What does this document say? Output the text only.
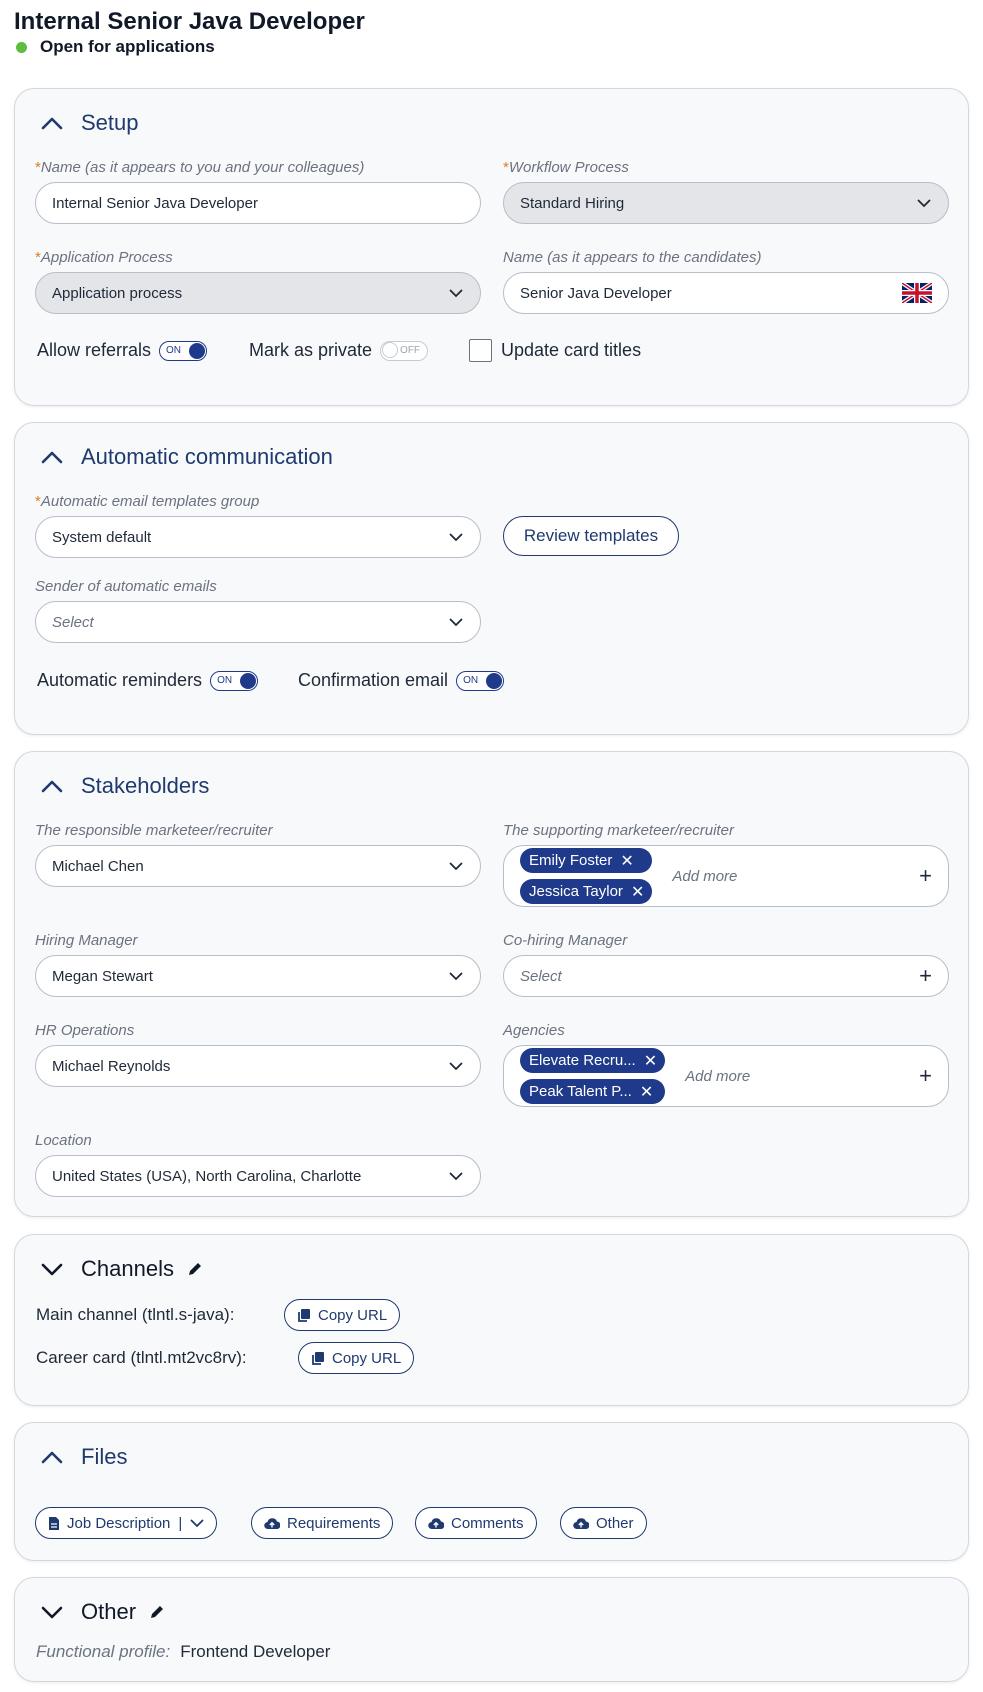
Internal Senior Java Developer
Open for applications
Setup
*Name (as it appears to you and your colleagues)
Internal Senior Java Developer
*Workflow Process
Standard Hiring
*Application Process
Application process
Name (as it appears to the candidates)
Senior Java Developer
Allow referrals ON	Mark as private	OFF	Update card titles
Automatic communication
*Automatic email templates group
System default	Review templates
Sender of automatic emails
Select
Automatic reminders ON	Confirmation email ON
Stakeholders
The responsible marketeer/recruiter
Michael Chen
The supporting marketeer/recruiter
Emily Foster ✕
Jessica Taylor ✕
Add more	+
Hiring Manager
Megan Stewart
Co-hiring Manager
Select	+
HR Operations
Michael Reynolds
Agencies
Elevate Recru... ✕
Peak Talent P... ✕
Add more	+
Location
United States (USA), North Carolina, Charlotte
Channels
Main channel (tlntl.s-java):	Copy URL
Career card (tlntl.mt2vc8rv):	Copy URL
Files
Job Description |	Requirements	Comments	Other
Other
Functional profile: Frontend Developer
